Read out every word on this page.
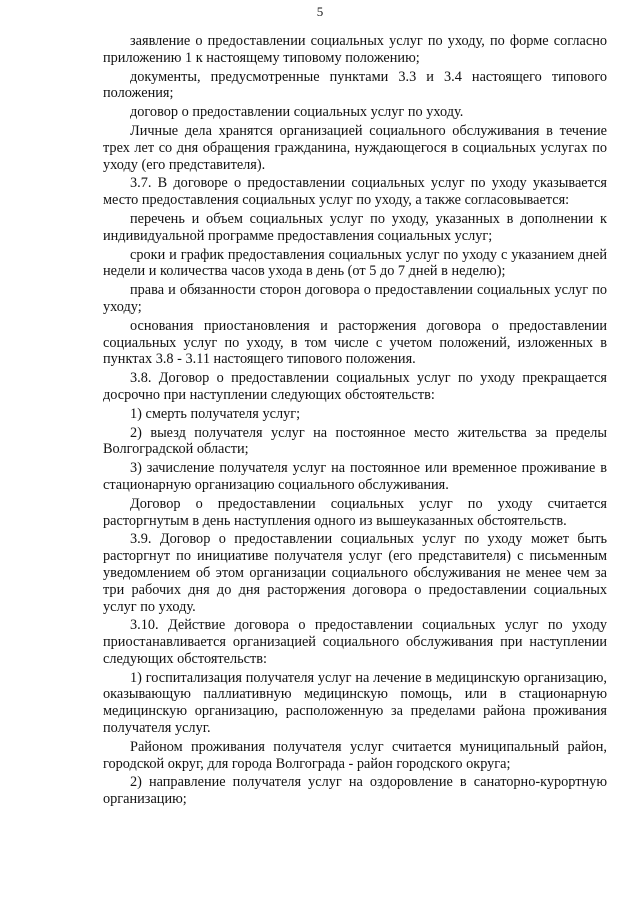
5

заявление о предоставлении социальных услуг по уходу, по форме согласно приложению 1 к настоящему типовому положению;

документы, предусмотренные пунктами 3.3 и 3.4 настоящего типового положения;

договор о предоставлении социальных услуг по уходу.

Личные дела хранятся организацией социального обслуживания в течение трех лет со дня обращения гражданина, нуждающегося в социальных услугах по уходу (его представителя).

3.7. В договоре о предоставлении социальных услуг по уходу указывается место предоставления социальных услуг по уходу, а также согласовывается:

перечень и объем социальных услуг по уходу, указанных в дополнении к индивидуальной программе предоставления социальных услуг;

сроки и график предоставления социальных услуг по уходу с указанием дней недели и количества часов ухода в день (от 5 до 7 дней в неделю);

права и обязанности сторон договора о предоставлении социальных услуг по уходу;

основания приостановления и расторжения договора о предоставлении социальных услуг по уходу, в том числе с учетом положений, изложенных в пунктах 3.8 - 3.11 настоящего типового положения.

3.8. Договор о предоставлении социальных услуг по уходу прекращается досрочно при наступлении следующих обстоятельств:

1) смерть получателя услуг;

2) выезд получателя услуг на постоянное место жительства за пределы Волгоградской области;

3) зачисление получателя услуг на постоянное или временное проживание в стационарную организацию социального обслуживания.

Договор о предоставлении социальных услуг по уходу считается расторгнутым в день наступления одного из вышеуказанных обстоятельств.

3.9. Договор о предоставлении социальных услуг по уходу может быть расторгнут по инициативе получателя услуг (его представителя) с письменным уведомлением об этом организации социального обслуживания не менее чем за три рабочих дня до дня расторжения договора о предоставлении социальных услуг по уходу.

3.10. Действие договора о предоставлении социальных услуг по уходу приостанавливается организацией социального обслуживания при наступлении следующих обстоятельств:

1) госпитализация получателя услуг на лечение в медицинскую организацию, оказывающую паллиативную медицинскую помощь, или в стационарную медицинскую организацию, расположенную за пределами района проживания получателя услуг.

Районом проживания получателя услуг считается муниципальный район, городской округ, для города Волгограда - район городского округа;

2) направление получателя услуг на оздоровление в санаторно-курортную организацию;
